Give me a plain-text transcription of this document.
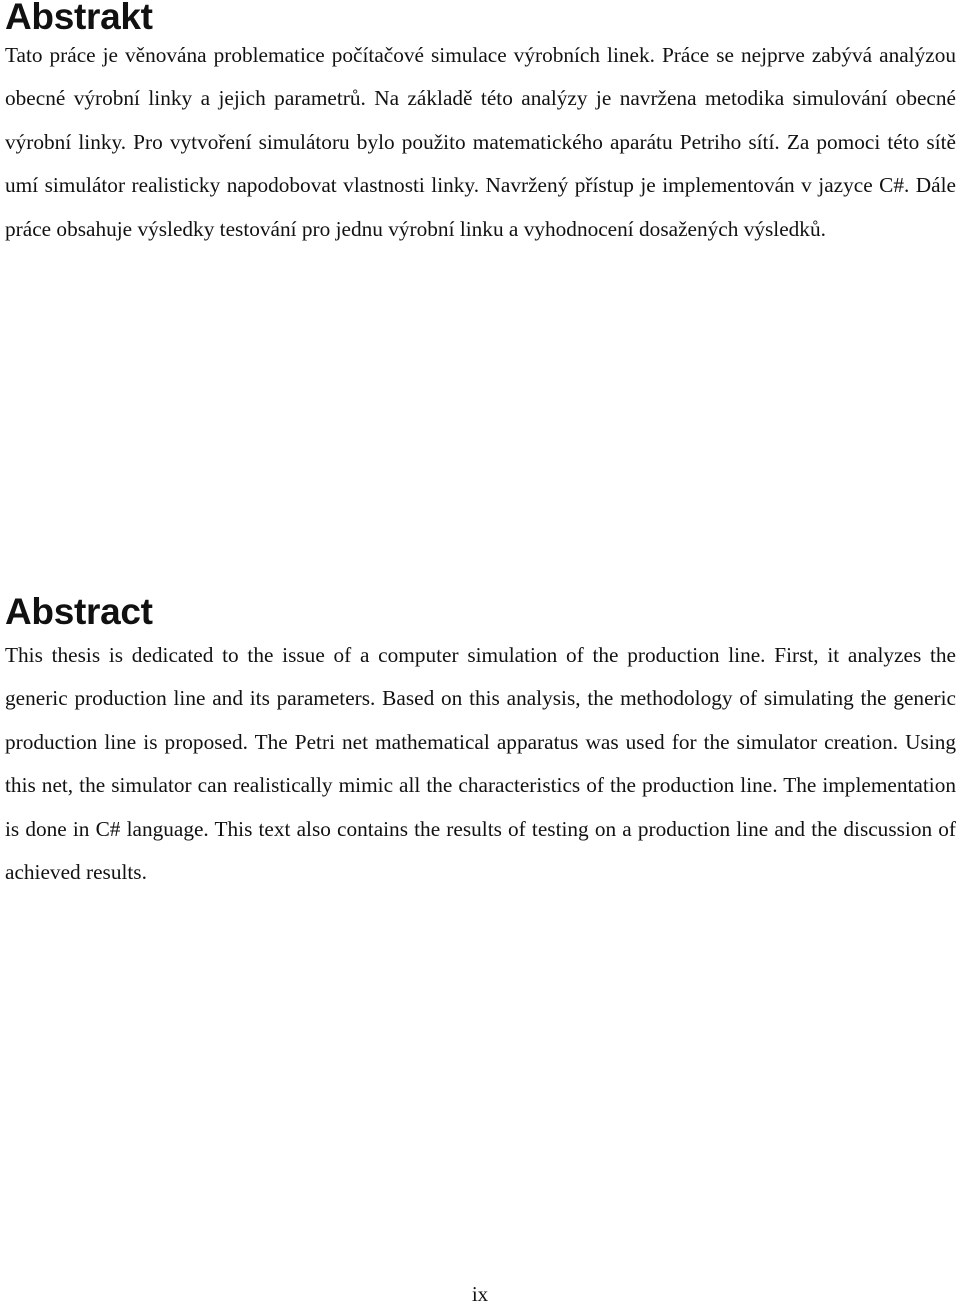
Abstrakt

Tato práce je věnována problematice počítačové simulace výrobních linek. Práce se nejprve zabývá analýzou obecné výrobní linky a jejich parametrů. Na základě této analýzy je navržena metodika simulování obecné výrobní linky. Pro vytvoření simulátoru bylo použito matematického aparátu Petriho sítí. Za pomoci této sítě umí simulátor realisticky napodobovat vlastnosti linky. Navržený přístup je implementován v jazyce C#. Dále práce obsahuje výsledky testování pro jednu výrobní linku a vyhodnocení dosažených výsledků.

Abstract

This thesis is dedicated to the issue of a computer simulation of the production line. First, it analyzes the generic production line and its parameters. Based on this analysis, the methodology of simulating the generic production line is proposed. The Petri net mathematical apparatus was used for the simulator creation. Using this net, the simulator can realistically mimic all the characteristics of the production line. The implementation is done in C# language. This text also contains the results of testing on a production line and the discussion of achieved results.

ix
